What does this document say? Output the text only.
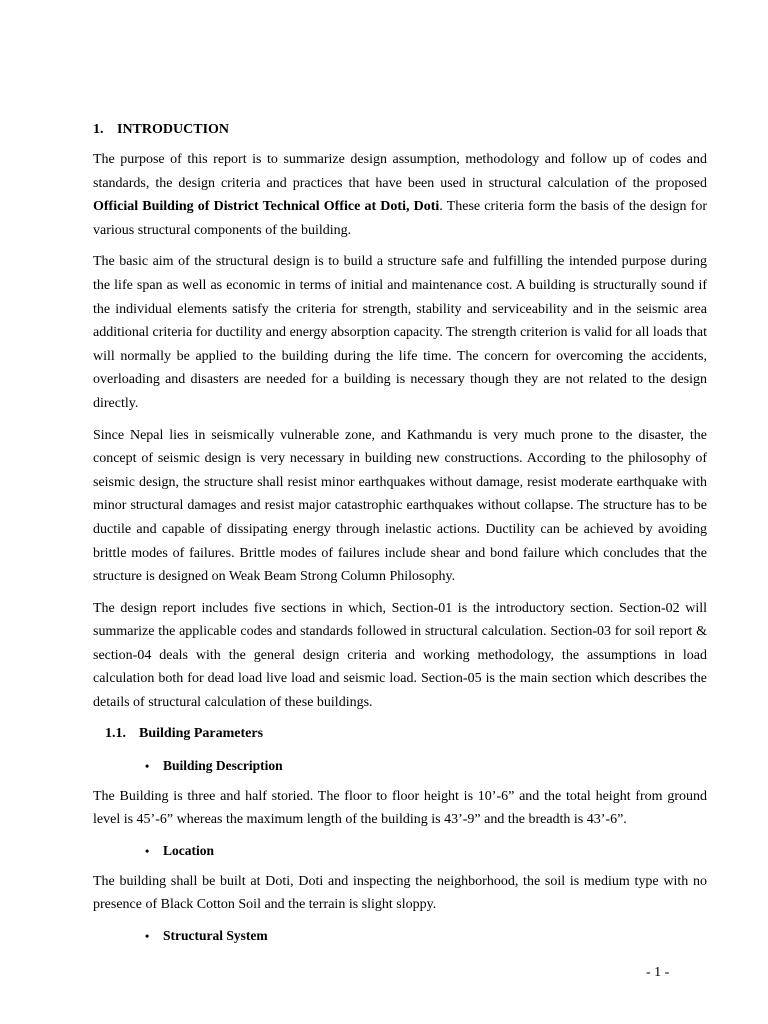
1. INTRODUCTION

The purpose of this report is to summarize design assumption, methodology and follow up of codes and standards, the design criteria and practices that have been used in structural calculation of the proposed Official Building of District Technical Office at Doti, Doti. These criteria form the basis of the design for various structural components of the building.

The basic aim of the structural design is to build a structure safe and fulfilling the intended purpose during the life span as well as economic in terms of initial and maintenance cost. A building is structurally sound if the individual elements satisfy the criteria for strength, stability and serviceability and in the seismic area additional criteria for ductility and energy absorption capacity. The strength criterion is valid for all loads that will normally be applied to the building during the life time. The concern for overcoming the accidents, overloading and disasters are needed for a building is necessary though they are not related to the design directly.

Since Nepal lies in seismically vulnerable zone, and Kathmandu is very much prone to the disaster, the concept of seismic design is very necessary in building new constructions. According to the philosophy of seismic design, the structure shall resist minor earthquakes without damage, resist moderate earthquake with minor structural damages and resist major catastrophic earthquakes without collapse. The structure has to be ductile and capable of dissipating energy through inelastic actions. Ductility can be achieved by avoiding brittle modes of failures. Brittle modes of failures include shear and bond failure which concludes that the structure is designed on Weak Beam Strong Column Philosophy.

The design report includes five sections in which, Section-01 is the introductory section. Section-02 will summarize the applicable codes and standards followed in structural calculation. Section-03 for soil report & section-04 deals with the general design criteria and working methodology, the assumptions in load calculation both for dead load live load and seismic load. Section-05 is the main section which describes the details of structural calculation of these buildings.

1.1. Building Parameters
•	Building Description

The Building is three and half storied. The floor to floor height is 10’-6” and the total height from ground level is 45’-6” whereas the maximum length of the building is 43’-9” and the breadth is 43’-6”.

•	Location

The building shall be built at Doti, Doti and inspecting the neighborhood, the soil is medium type with no presence of Black Cotton Soil and the terrain is slight sloppy.

•	Structural System
- 1 -
